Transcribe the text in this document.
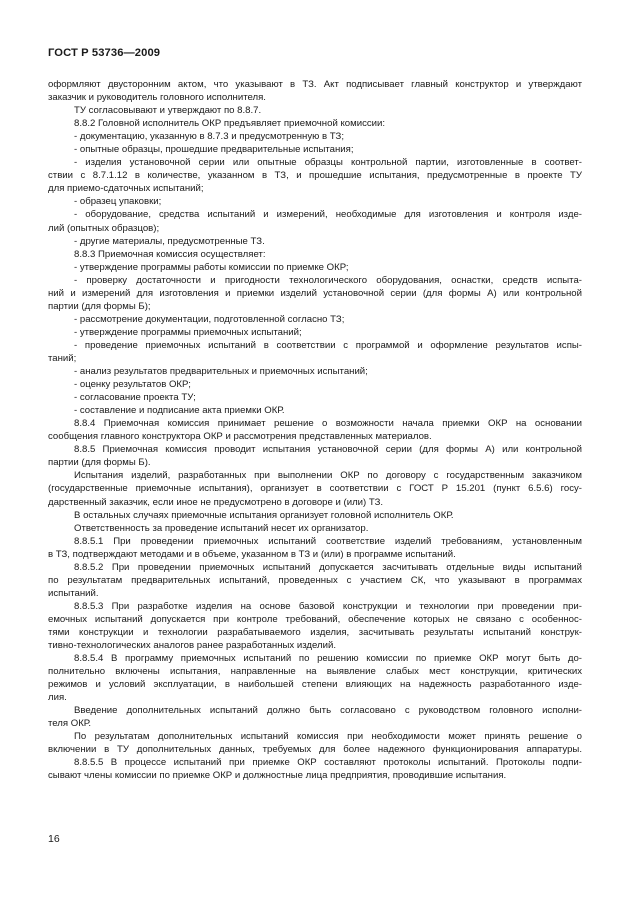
ГОСТ Р 53736—2009
оформляют двусторонним актом, что указывают в ТЗ. Акт подписывает главный конструктор и утверждают
заказчик и руководитель головного исполнителя.
ТУ согласовывают и утверждают по 8.8.7.
8.8.2 Головной исполнитель ОКР предъявляет приемочной комиссии:
- документацию, указанную в 8.7.3 и предусмотренную в ТЗ;
- опытные образцы, прошедшие предварительные испытания;
- изделия установочной серии или опытные образцы контрольной партии, изготовленные в соответ-
ствии с 8.7.1.12 в количестве, указанном в ТЗ, и прошедшие испытания, предусмотренные в проекте ТУ
для приемо-сдаточных испытаний;
- образец упаковки;
- оборудование, средства испытаний и измерений, необходимые для изготовления и контроля изде-
лий (опытных образцов);
- другие материалы, предусмотренные ТЗ.
8.8.3 Приемочная комиссия осуществляет:
- утверждение программы работы комиссии по приемке ОКР;
- проверку достаточности и пригодности технологического оборудования, оснастки, средств испыта-
ний и измерений для изготовления и приемки изделий установочной серии (для формы А) или контрольной
партии (для формы Б);
- рассмотрение документации, подготовленной согласно ТЗ;
- утверждение программы приемочных испытаний;
- проведение приемочных испытаний в соответствии с программой и оформление результатов испы-
таний;
- анализ результатов предварительных и приемочных испытаний;
- оценку результатов ОКР;
- согласование проекта ТУ;
- составление и подписание акта приемки ОКР.
8.8.4 Приемочная комиссия принимает решение о возможности начала приемки ОКР на основании
сообщения главного конструктора ОКР и рассмотрения представленных материалов.
8.8.5 Приемочная комиссия проводит испытания установочной серии (для формы А) или контрольной
партии (для формы Б).
Испытания изделий, разработанных при выполнении ОКР по договору с государственным заказчиком
(государственные приемочные испытания), организует в соответствии с ГОСТ Р 15.201 (пункт 6.5.6) госу-
дарственный заказчик, если иное не предусмотрено в договоре и (или) ТЗ.
В остальных случаях приемочные испытания организует головной исполнитель ОКР.
Ответственность за проведение испытаний несет их организатор.
8.8.5.1 При проведении приемочных испытаний соответствие изделий требованиям, установленным
в ТЗ, подтверждают методами и в объеме, указанном в ТЗ и (или) в программе испытаний.
8.8.5.2 При проведении приемочных испытаний допускается засчитывать отдельные виды испытаний
по результатам предварительных испытаний, проведенных с участием СК, что указывают в программах
испытаний.
8.8.5.3 При разработке изделия на основе базовой конструкции и технологии при проведении при-
емочных испытаний допускается при контроле требований, обеспечение которых не связано с особеннос-
тями конструкции и технологии разрабатываемого изделия, засчитывать результаты испытаний конструк-
тивно-технологических аналогов ранее разработанных изделий.
8.8.5.4 В программу приемочных испытаний по решению комиссии по приемке ОКР могут быть до-
полнительно включены испытания, направленные на выявление слабых мест конструкции, критических
режимов и условий эксплуатации, в наибольшей степени влияющих на надежность разработанного изде-
лия.
Введение дополнительных испытаний должно быть согласовано с руководством головного исполни-
теля ОКР.
По результатам дополнительных испытаний комиссия при необходимости может принять решение о
включении в ТУ дополнительных данных, требуемых для более надежного функционирования аппаратуры.
8.8.5.5 В процессе испытаний при приемке ОКР составляют протоколы испытаний. Протоколы подпи-
сывают члены комиссии по приемке ОКР и должностные лица предприятия, проводившие испытания.
16
